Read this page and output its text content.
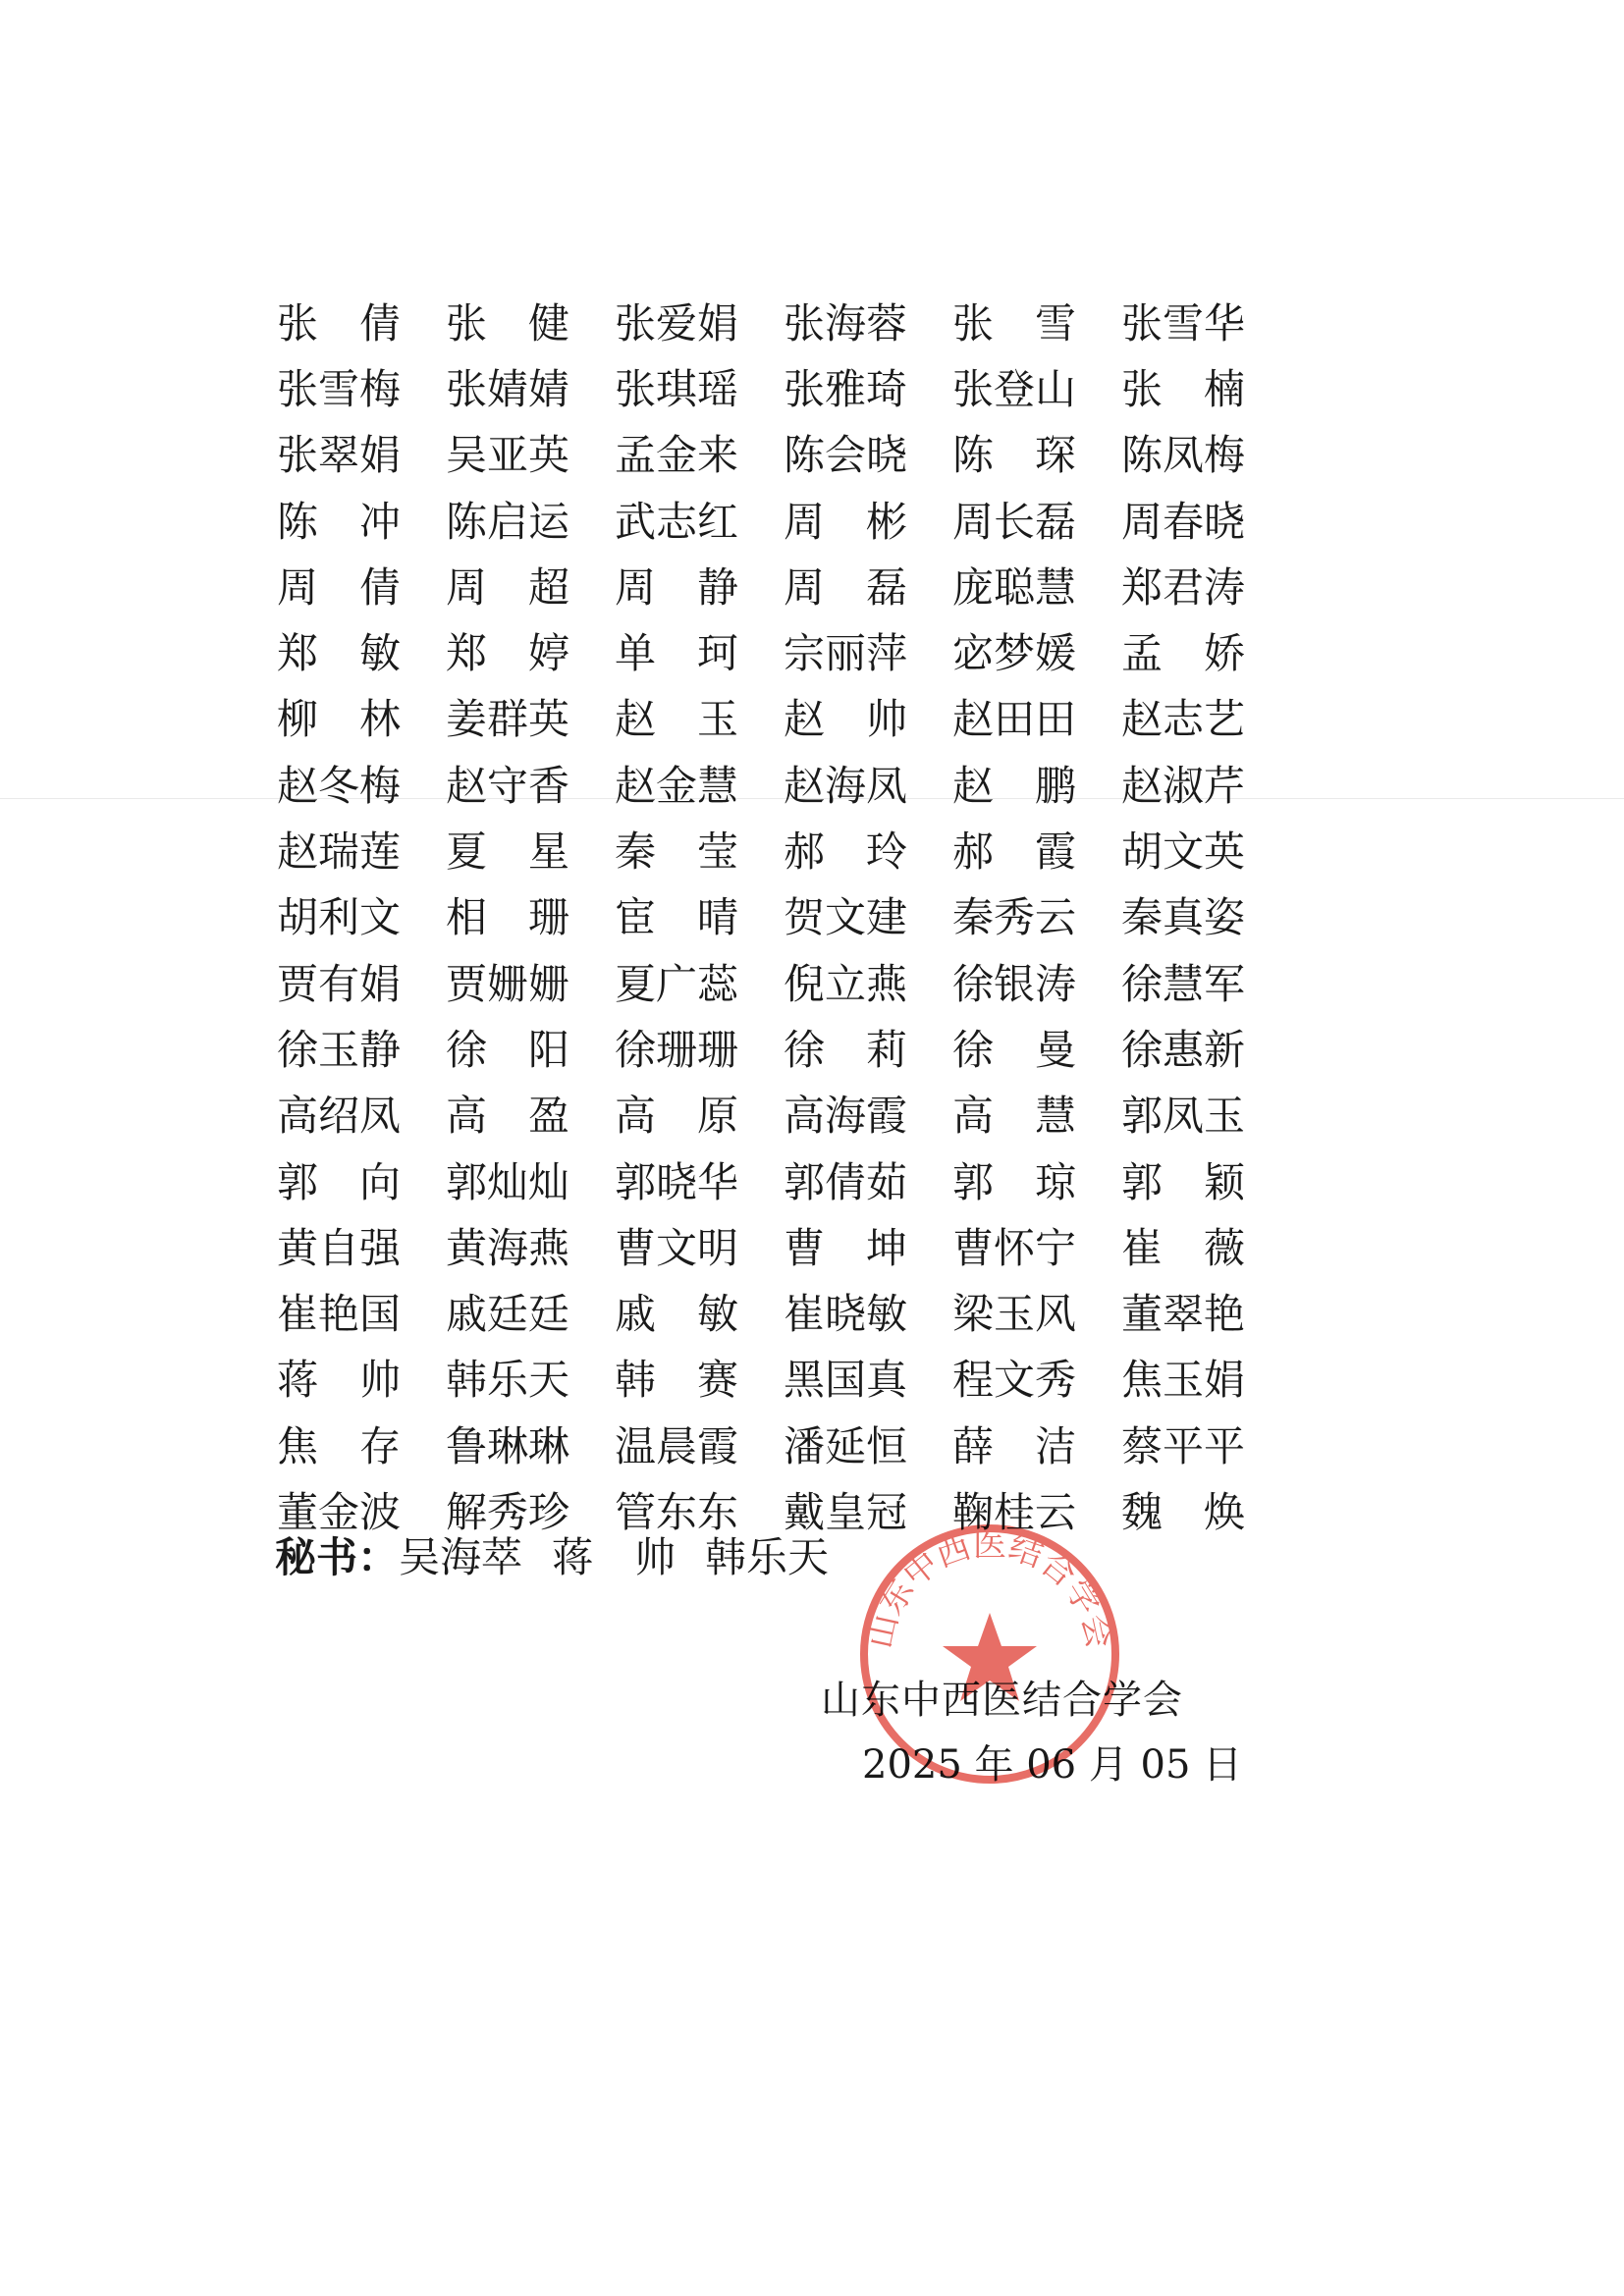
张　倩	张　健	张爱娟	张海蓉	张　雪	张雪华
张雪梅	张婧婧	张琪瑶	张雅琦	张登山	张　楠
张翠娟	吴亚英	孟金来	陈会晓	陈　琛	陈凤梅
陈　冲	陈启运	武志红	周　彬	周长磊	周春晓
周　倩	周　超	周　静	周　磊	庞聪慧	郑君涛
郑　敏	郑　婷	单　珂	宗丽萍	宓梦媛	孟　娇
柳　林	姜群英	赵　玉	赵　帅	赵田田	赵志艺
赵冬梅	赵守香	赵金慧	赵海凤	赵　鹏	赵淑芹
赵瑞莲	夏　星	秦　莹	郝　玲	郝　霞	胡文英
胡利文	相　珊	宦　晴	贺文建	秦秀云	秦真姿
贾有娟	贾姗姗	夏广蕊	倪立燕	徐银涛	徐慧军
徐玉静	徐　阳	徐珊珊	徐　莉	徐　曼	徐惠新
高绍凤	高　盈	高　原	高海霞	高　慧	郭凤玉
郭　向	郭灿灿	郭晓华	郭倩茹	郭　琼	郭　颖
黄自强	黄海燕	曹文明	曹　坤	曹怀宁	崔　薇
崔艳国	戚廷廷	戚　敏	崔晓敏	梁玉风	董翠艳
蒋　帅	韩乐天	韩　赛	黑国真	程文秀	焦玉娟
焦　存	鲁琳琳	温晨霞	潘延恒	薛　洁	蔡平平
董金波	解秀珍	管东东	戴皇冠	鞠桂云	魏　焕
秘书：吴海萃 蒋　帅 韩乐天
山东中西医结合学会
2025 年 06 月 05 日
山东中西医结合学会
